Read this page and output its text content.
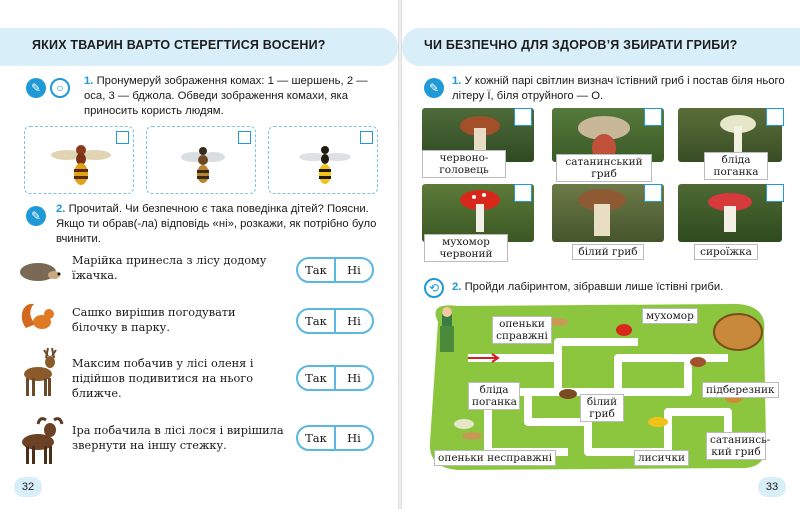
ЯКИХ ТВАРИН ВАРТО СТЕРЕГТИСЯ ВОСЕНИ?
✎	○	1. Пронумеруй зображення комах: 1 — шершень, 2 — оса, 3 — бджола. Обведи зображення комахи, яка приносить користь людям.
✎	2. Прочитай. Чи безпечною є така поведінка дітей? Поясни. Якщо ти обрав(-ла) відповідь «ні», розкажи, як потрібно було вчинити.
Марійка принесла з лісу додому їжачка.	Так	Ні
Сашко вирішив погодувати білочку в парку.	Так	Ні
Максим побачив у лісі оленя і підійшов подивитися на нього ближче.
Так	Ні
Іра побачила в лісі лося і вирішила звернути на іншу стежку.
Так	Ні
32
ЧИ БЕЗПЕЧНО ДЛЯ ЗДОРОВ’Я ЗБИРАТИ ГРИБИ?
✎	1. У кожній парі світлин визнач їстівний гриб і постав біля нього літеру Ї, біля отруйного — О.
червоно-
головець
сатанинський
гриб
бліда
поганка
мухомор
червоний	білий гриб	сироїжка
⟲	2. Пройди лабіринтом, зібравши лише їстівні гриби.
опеньки справжні
мухомор
бліда поганка	білий гриб
підберезник
опеньки несправжні	лисички
сатанинсь-кий гриб
33
